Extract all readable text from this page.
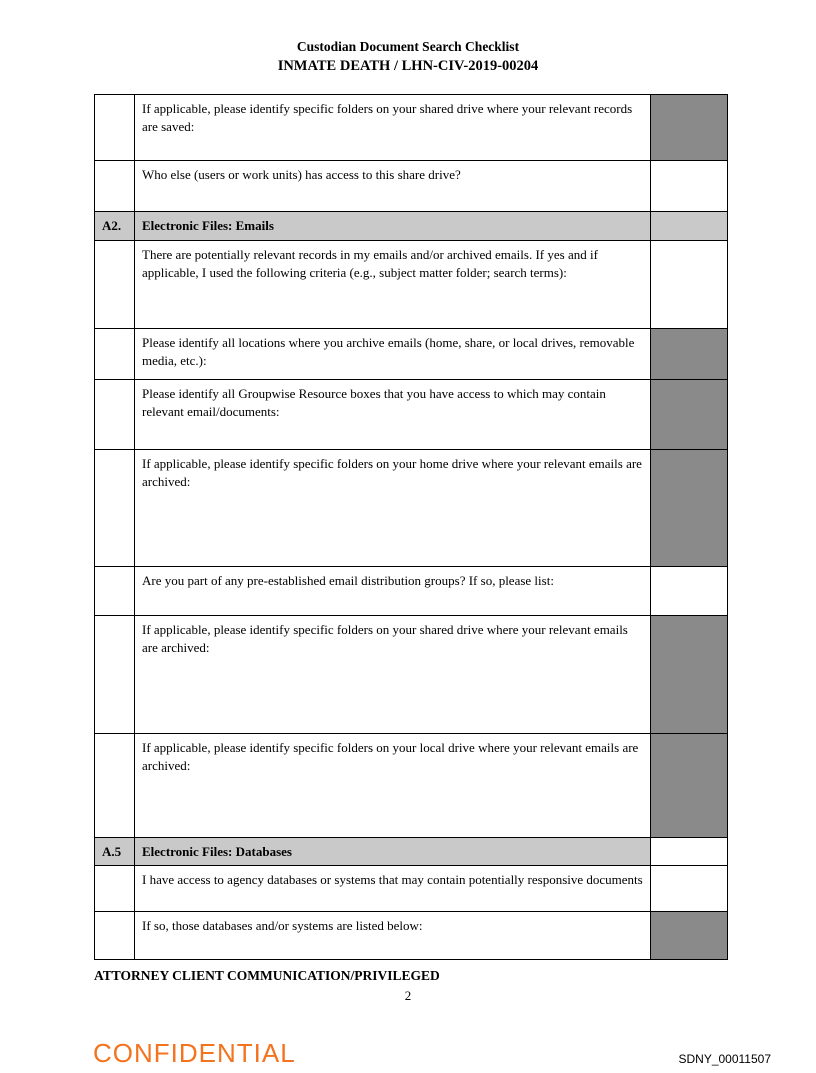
Custodian Document Search Checklist
INMATE DEATH / LHN-CIV-2019-00204
	If applicable, please identify specific folders on your shared drive where your relevant records are saved:	
	Who else (users or work units) has access to this share drive?	
A2.	Electronic Files: Emails	
	There are potentially relevant records in my emails and/or archived emails. If yes and if applicable, I used the following criteria (e.g., subject matter folder; search terms):	
	Please identify all locations where you archive emails (home, share, or local drives, removable media, etc.):	
	Please identify all Groupwise Resource boxes that you have access to which may contain relevant email/documents:	
	If applicable, please identify specific folders on your home drive where your relevant emails are archived:	
	Are you part of any pre-established email distribution groups? If so, please list:	
	If applicable, please identify specific folders on your shared drive where your relevant emails are archived:	
	If applicable, please identify specific folders on your local drive where your relevant emails are archived:	
A.5	Electronic Files: Databases	
	I have access to agency databases or systems that may contain potentially responsive documents	
	If so, those databases and/or systems are listed below:	
ATTORNEY CLIENT COMMUNICATION/PRIVILEGED
2
CONFIDENTIAL	SDNY_00011507
